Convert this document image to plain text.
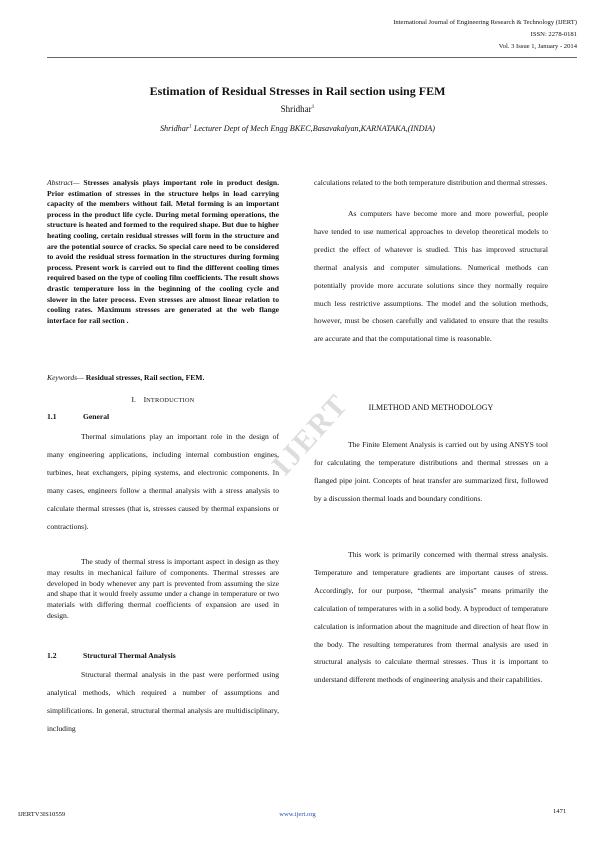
International Journal of Engineering Research & Technology (IJERT)
ISSN: 2278-0181
Vol. 3 Issue 1, January - 2014
Estimation of Residual Stresses in Rail section using FEM
Shridhar$^1$
Shridhar$^1$ Lecturer Dept of Mech Engg BKEC,Basavakalyan,KARNATAKA,(INDIA)
Abstract— Stresses analysis plays important role in product design. Prior estimation of stresses in the structure helps in load carrying capacity of the members without fail. Metal forming is an important process in the product life cycle. During metal forming operations, the structure is heated and formed to the required shape. But due to higher heating cooling, certain residual stresses will form in the structure and are the potential source of cracks. So special care need to be considered to avoid the residual stress formation in the structures during forming process. Present work is carried out to find the different cooling times required based on the type of cooling film coefficients. The result shows drastic temperature loss in the beginning of the cooling cycle and slower in the later process. Even stresses are almost linear relation to cooling rates. Maximum stresses are generated at the web flange interface for rail section .
Keywords— Residual stresses, Rail section, FEM.
I. INTRODUCTION
1.1	General
Thermal simulations play an important role in the design of many engineering applications, including internal combustion engines, turbines, heat exchangers, piping systems, and electronic components. In many cases, engineers follow a thermal analysis with a stress analysis to calculate thermal stresses (that is, stresses caused by thermal expansions or contractions).
The study of thermal stress is important aspect in design as they may results in mechanical failure of components. Thermal stresses are developed in body whenever any part is prevented from assuming the size and shape that it would freely assume under a change in temperature or two materials with differing thermal coefficients of expansion are used in design.
1.2	Structural Thermal Analysis
Structural thermal analysis in the past were performed using analytical methods, which required a number of assumptions and simplifications. In general, structural thermal analysis are multidisciplinary, including
calculations related to the both temperature distribution and thermal stresses.
As computers have become more and more powerful, people have tended to use numerical approaches to develop theoretical models to predict the effect of whatever is studied. This has improved structural thermal analysis and computer simulations. Numerical methods can potentially provide more accurate solutions since they normally require much less restrictive assumptions. The model and the solution methods, however, must be chosen carefully and validated to ensure that the results are accurate and that the computational time is reasonable.
II.METHOD AND METHODOLOGY
The Finite Element Analysis is carried out by using ANSYS tool for calculating the temperature distributions and thermal stresses on a flanged pipe joint. Concepts of heat transfer are summarized first, followed by a discussion thermal loads and boundary conditions.
This work is primarily concerned with thermal stress analysis. Temperature and temperature gradients are important causes of stress. Accordingly, for our purpose, “thermal analysis” means primarily the calculation of temperatures with in a solid body. A byproduct of temperature calculation is information about the magnitude and direction of heat flow in the body. The resulting temperatures from thermal analysis are used in structural analysis to calculate thermal stresses. Thus it is important to understand different methods of engineering analysis and their capabilities.
IJERT
IJERTV3IS10559	www.ijert.org	1471
